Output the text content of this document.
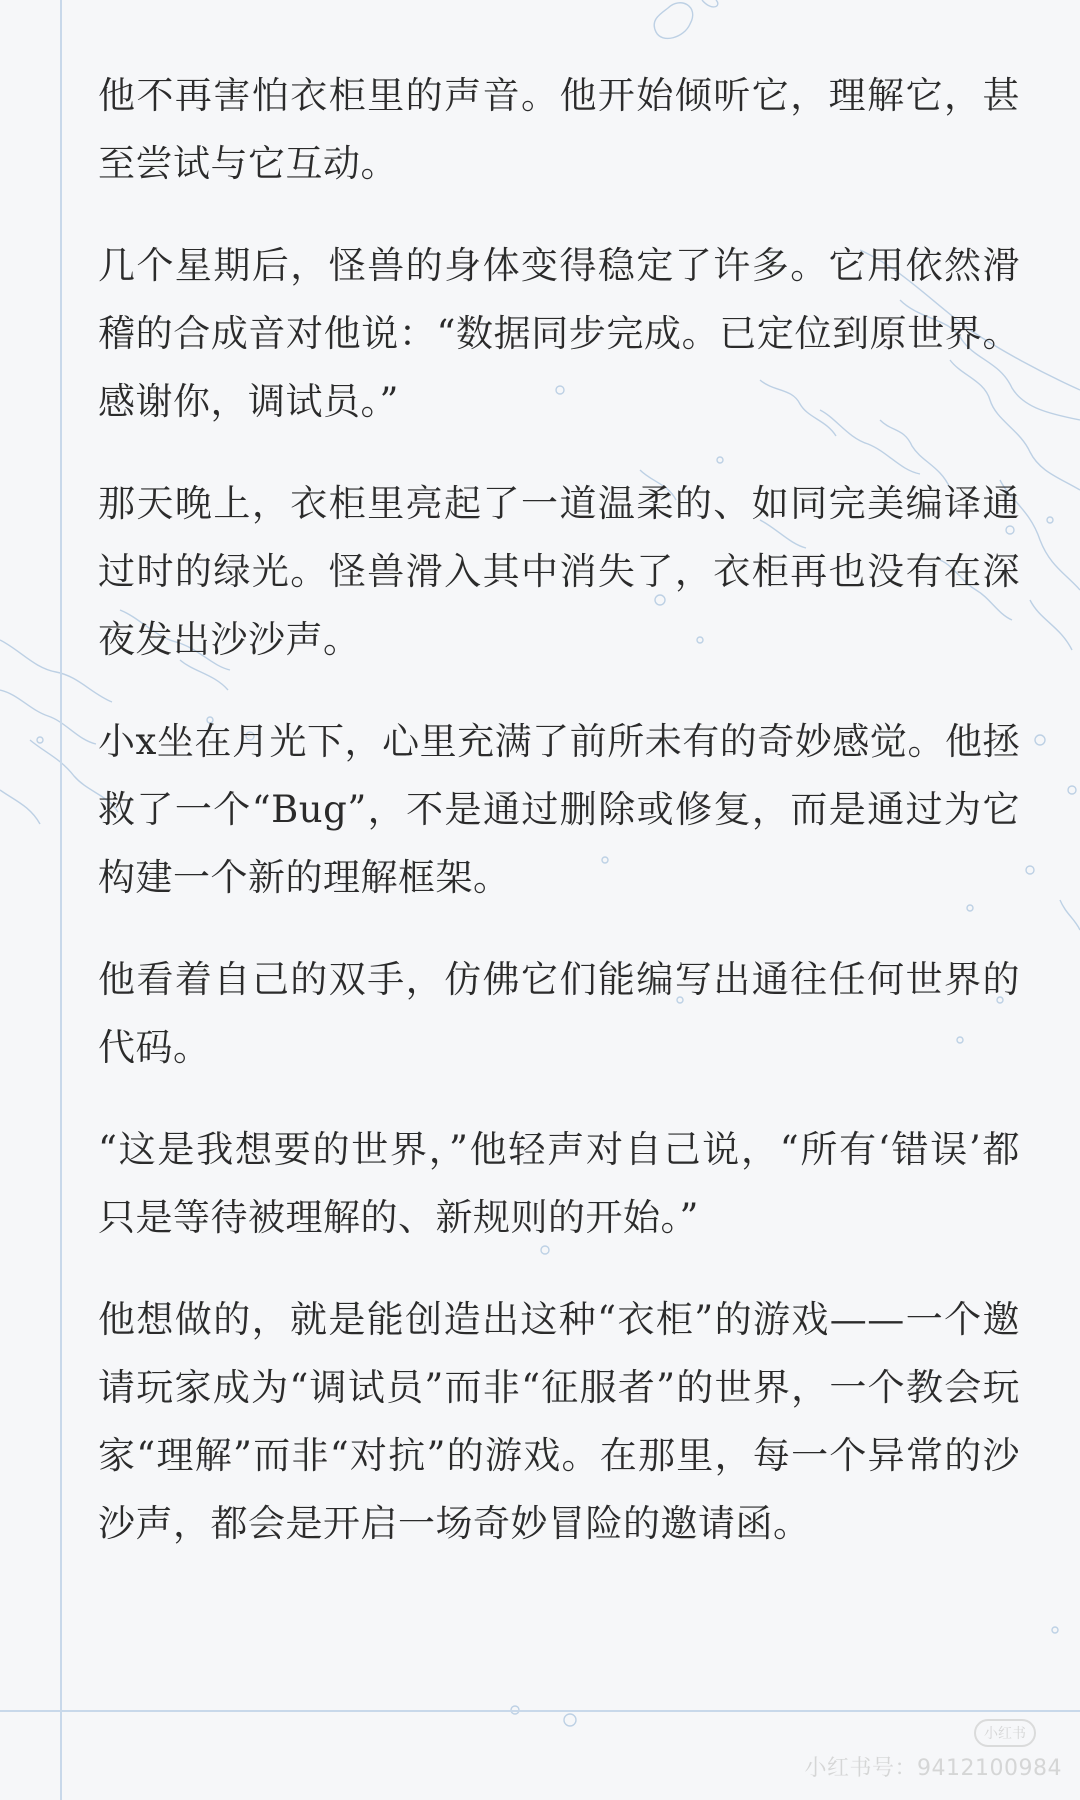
他不再害怕衣柜里的声音。他开始倾听它，理解它，甚至尝试与它互动。

几个星期后，怪兽的身体变得稳定了许多。它用依然滑稽的合成音对他说：“数据同步完成。已定位到原世界。感谢你，调试员。”

那天晚上，衣柜里亮起了一道温柔的、如同完美编译通过时的绿光。怪兽滑入其中消失了，衣柜再也没有在深夜发出沙沙声。

小x坐在月光下，心里充满了前所未有的奇妙感觉。他拯救了一个“Bug”，不是通过删除或修复，而是通过为它构建一个新的理解框架。

他看着自己的双手，仿佛它们能编写出通往任何世界的代码。

“这是我想要的世界，”他轻声对自己说，“所有‘错误’都只是等待被理解的、新规则的开始。”

他想做的，就是能创造出这种“衣柜”的游戏——一个邀请玩家成为“调试员”而非“征服者”的世界，一个教会玩家“理解”而非“对抗”的游戏。在那里，每一个异常的沙沙声，都会是开启一场奇妙冒险的邀请函。

小红书
小红书号：9412100984
